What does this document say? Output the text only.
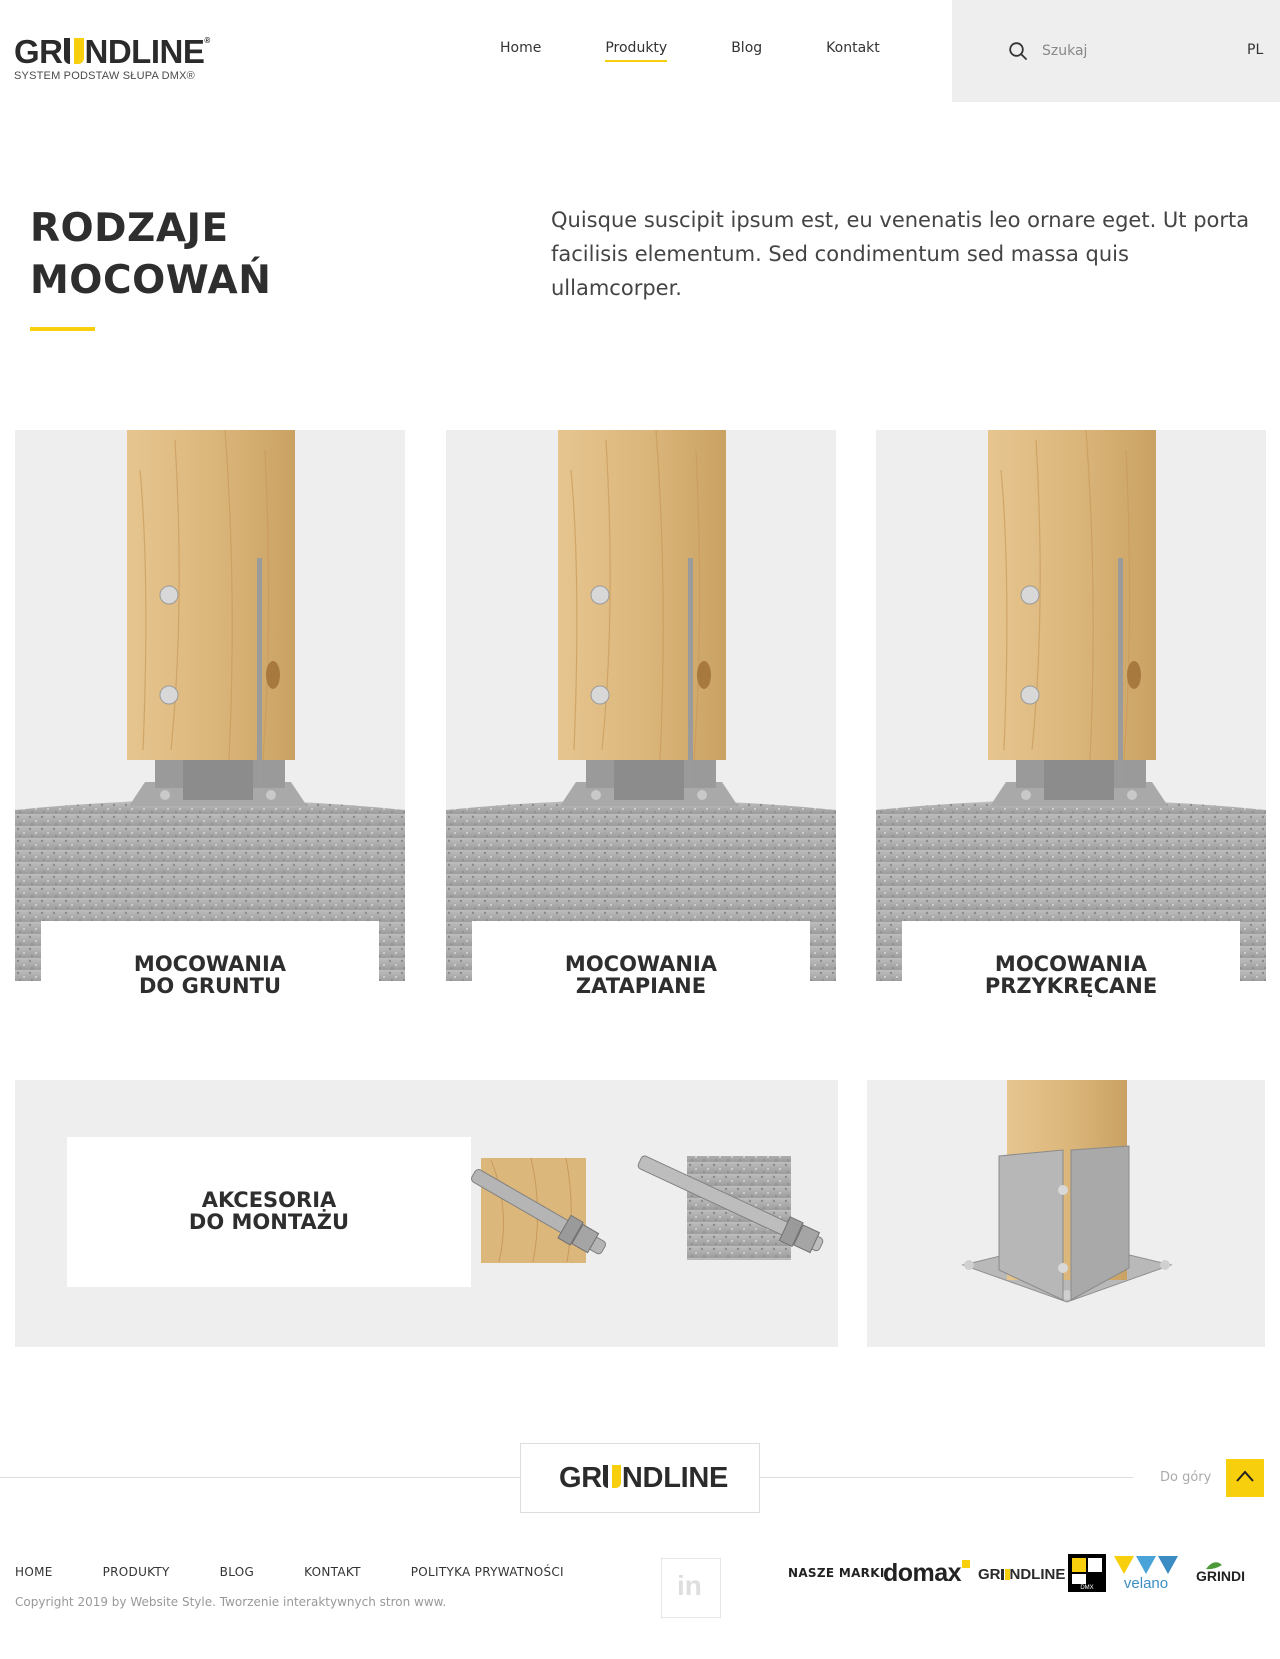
GR NDLINE®
SYSTEM PODSTAW SŁUPA DMX®
Home	Produkty	Blog	Kontakt
Szukaj	PL
RODZAJE
MOCOWAŃ

Quisque suscipit ipsum est, eu venenatis leo ornare eget. Ut porta facilisis elementum. Sed condimentum sed massa quis ullamcorper.

MOCOWANIA
DO GRUNTU
MOCOWANIA
ZATAPIANE
MOCOWANIA
PRZYKRĘCANE
AKCESORIA
DO MONTAŻU
GR NDLINE	Do góry
HOME	PRODUKTY	BLOG	KONTAKT	POLITYKA PRYWATNOŚCI
Copyright 2019 by Website Style. Tworzenie interaktywnych stron www.
in	NASZE MARKI
domax GR NDLINE
DMX velano GRINDI
